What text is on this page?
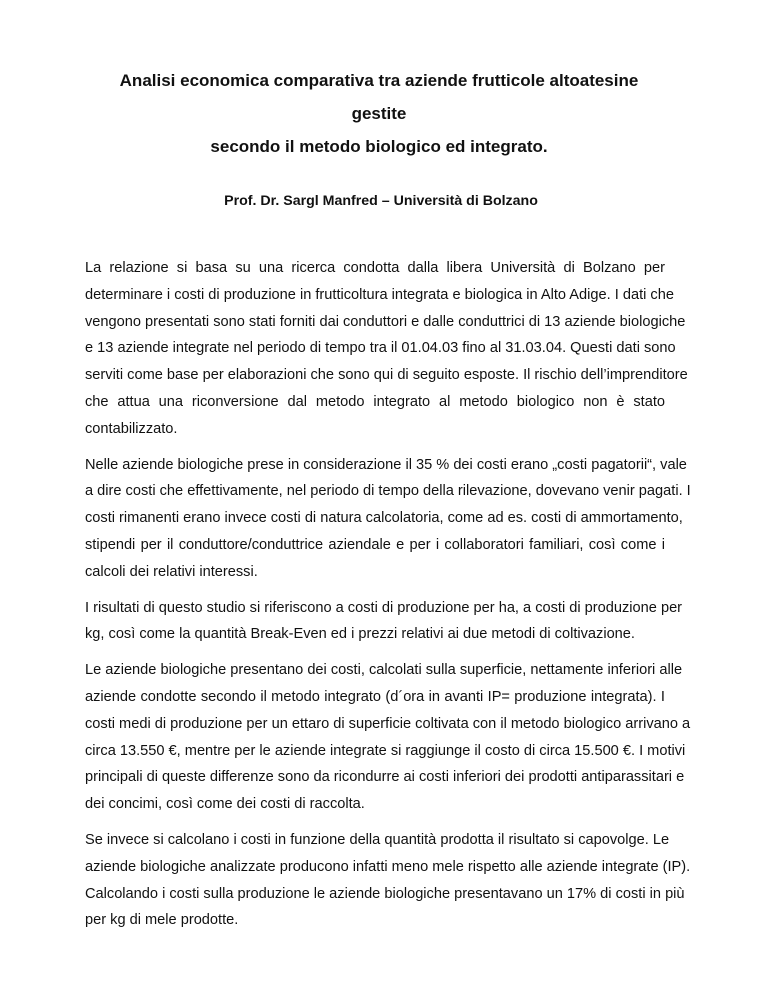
Analisi economica comparativa tra aziende frutticole altoatesine gestite
secondo il metodo biologico ed integrato.
Prof. Dr. Sargl Manfred – Università di Bolzano

La relazione si basa su una ricerca condotta dalla libera Università di Bolzano per
determinare i costi di produzione in frutticoltura integrata e biologica in Alto Adige. I dati che
vengono presentati sono stati forniti dai conduttori e dalle conduttrici di 13 aziende biologiche
e 13 aziende integrate nel periodo di tempo tra il 01.04.03 fino al 31.03.04. Questi dati sono
serviti come base per elaborazioni che sono qui di seguito esposte. Il rischio dell’imprenditore
che attua una riconversione dal metodo integrato al metodo biologico non è stato
contabilizzato.

Nelle aziende biologiche prese in considerazione il 35 % dei costi erano „costi pagatorii“, vale
a dire costi che effettivamente, nel periodo di tempo della rilevazione, dovevano venir pagati. I
costi rimanenti erano invece costi di natura calcolatoria, come ad es. costi di ammortamento,
stipendi per il conduttore/conduttrice aziendale e per i collaboratori familiari, così come i
calcoli dei relativi interessi.

I risultati di questo studio si riferiscono a costi di produzione per ha, a costi di produzione per
kg, così come la quantità Break-Even ed i prezzi relativi ai due metodi di coltivazione.

Le aziende biologiche presentano dei costi, calcolati sulla superficie, nettamente inferiori alle
aziende condotte secondo il metodo integrato (d´ora in avanti IP= produzione integrata). I
costi medi di produzione per un ettaro di superficie coltivata con il metodo biologico arrivano a
circa 13.550 €, mentre per le aziende integrate si raggiunge il costo di circa 15.500 €. I motivi
principali di queste differenze sono da ricondurre ai costi inferiori dei prodotti antiparassitari e
dei concimi, così come dei costi di raccolta.

Se invece si calcolano i costi in funzione della quantità prodotta il risultato si capovolge. Le
aziende biologiche analizzate producono infatti meno mele rispetto alle aziende integrate (IP).
Calcolando i costi sulla produzione le aziende biologiche presentavano un 17% di costi in più
per kg di mele prodotte.
